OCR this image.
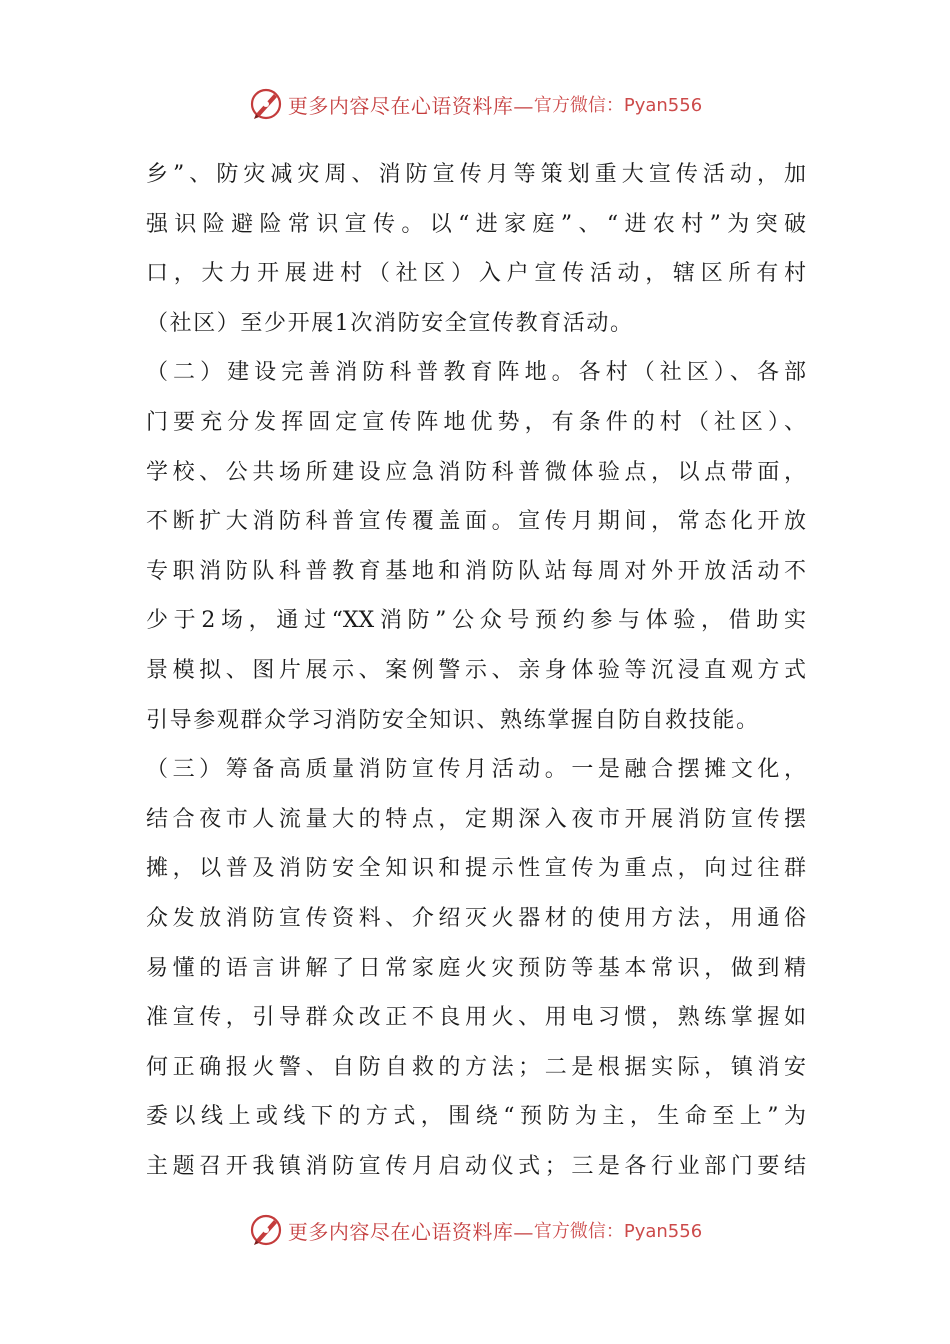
更多内容尽在心语资料库— 官方微信：Pyan556
乡”、防灾减灾周、消防宣传月等策划重大宣传活动，加
强识险避险常识宣传。以“进家庭”、“进农村”为突破
口，大力开展进村（社区）入户宣传活动，辖区所有村
（社区）至少开展1次消防安全宣传教育活动。
（二）建设完善消防科普教育阵地。各村（社区）、各部
门要充分发挥固定宣传阵地优势，有条件的村（社区）、
学校、公共场所建设应急消防科普微体验点，以点带面，
不断扩大消防科普宣传覆盖面。宣传月期间，常态化开放
专职消防队科普教育基地和消防队站每周对外开放活动不
少于2场，通过“XX消防”公众号预约参与体验，借助实
景模拟、图片展示、案例警示、亲身体验等沉浸直观方式
引导参观群众学习消防安全知识、熟练掌握自防自救技能。
（三）筹备高质量消防宣传月活动。一是融合摆摊文化，
结合夜市人流量大的特点，定期深入夜市开展消防宣传摆
摊，以普及消防安全知识和提示性宣传为重点，向过往群
众发放消防宣传资料、介绍灭火器材的使用方法，用通俗
易懂的语言讲解了日常家庭火灾预防等基本常识，做到精
准宣传，引导群众改正不良用火、用电习惯，熟练掌握如
何正确报火警、自防自救的方法；二是根据实际，镇消安
委以线上或线下的方式，围绕“预防为主，生命至上”为
主题召开我镇消防宣传月启动仪式；三是各行业部门要结
更多内容尽在心语资料库— 官方微信：Pyan556
